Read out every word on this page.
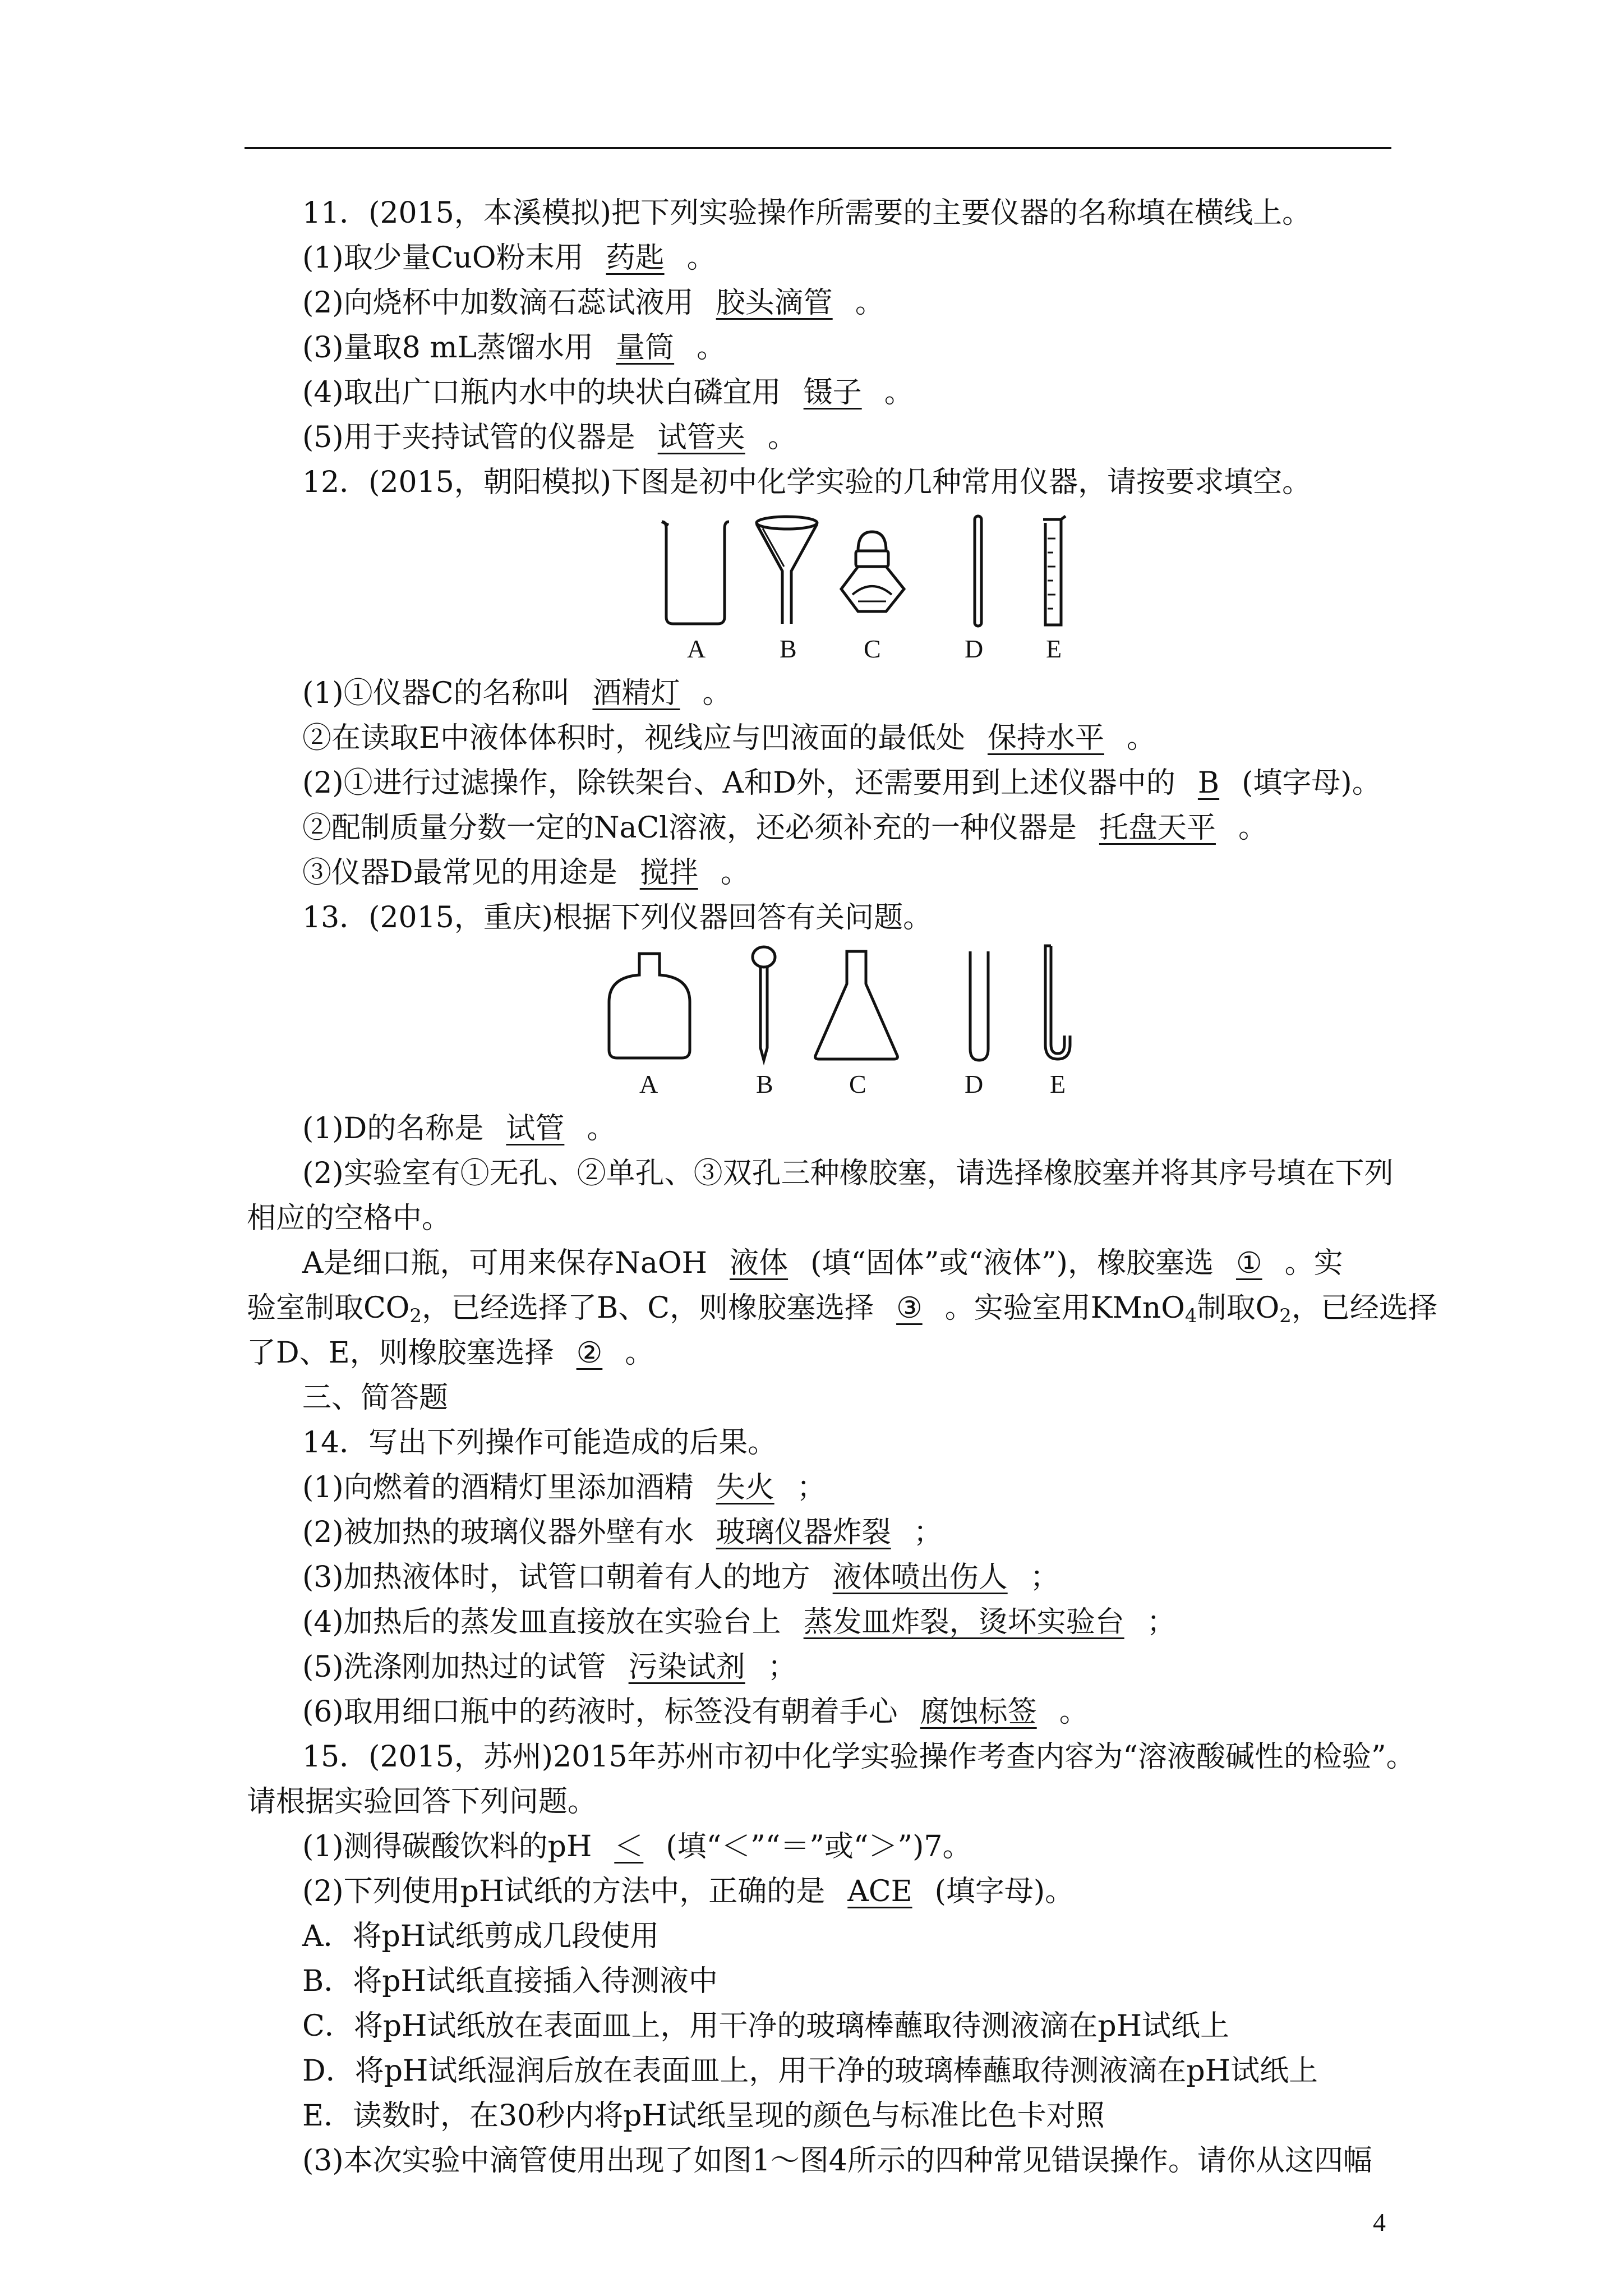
11．(2015，本溪模拟)把下列实验操作所需要的主要仪器的名称填在横线上。
(1)取少量CuO粉末用 药匙 。
(2)向烧杯中加数滴石蕊试液用 胶头滴管 。
(3)量取8 mL蒸馏水用 量筒 。
(4)取出广口瓶内水中的块状白磷宜用 镊子 。
(5)用于夹持试管的仪器是 试管夹 。
12．(2015，朝阳模拟)下图是初中化学实验的几种常用仪器，请按要求填空。
A	B	C	D E
(1)①仪器C的名称叫 酒精灯 。
②在读取E中液体体积时，视线应与凹液面的最低处 保持水平 。
(2)①进行过滤操作，除铁架台、A和D外，还需要用到上述仪器中的 B (填字母)。
②配制质量分数一定的NaCl溶液，还必须补充的一种仪器是 托盘天平 。
③仪器D最常见的用途是 搅拌 。
13．(2015，重庆)根据下列仪器回答有关问题。
A	B	C	D	E
(1)D的名称是 试管 。
(2)实验室有①无孔、②单孔、③双孔三种橡胶塞，请选择橡胶塞并将其序号填在下列
相应的空格中。
A是细口瓶，可用来保存NaOH 液体 (填“固体”或“液体”)，橡胶塞选 ① 。实
验室制取$CO_2$，已经选择了B、C，则橡胶塞选择 ③ 。实验室用KMnO$_4$制取$O_2$，已经选择
了D、E，则橡胶塞选择 ② 。
三、简答题
14．写出下列操作可能造成的后果。
(1)向燃着的酒精灯里添加酒精 失火 ；
(2)被加热的玻璃仪器外壁有水 玻璃仪器炸裂 ；
(3)加热液体时，试管口朝着有人的地方 液体喷出伤人 ；
(4)加热后的蒸发皿直接放在实验台上 蒸发皿炸裂，烫坏实验台 ；
(5)洗涤刚加热过的试管 污染试剂 ；
(6)取用细口瓶中的药液时，标签没有朝着手心 腐蚀标签 。
15．(2015，苏州)2015年苏州市初中化学实验操作考查内容为“溶液酸碱性的检验”。
请根据实验回答下列问题。
(1)测得碳酸饮料的pH ＜ (填“＜”“＝”或“＞”)7。
(2)下列使用pH试纸的方法中，正确的是 ACE (填字母)。
A．将pH试纸剪成几段使用
B．将pH试纸直接插入待测液中
C．将pH试纸放在表面皿上，用干净的玻璃棒蘸取待测液滴在pH试纸上
D．将pH试纸湿润后放在表面皿上，用干净的玻璃棒蘸取待测液滴在pH试纸上
E．读数时，在30秒内将pH试纸呈现的颜色与标准比色卡对照
(3)本次实验中滴管使用出现了如图1～图4所示的四种常见错误操作。请你从这四幅
4
